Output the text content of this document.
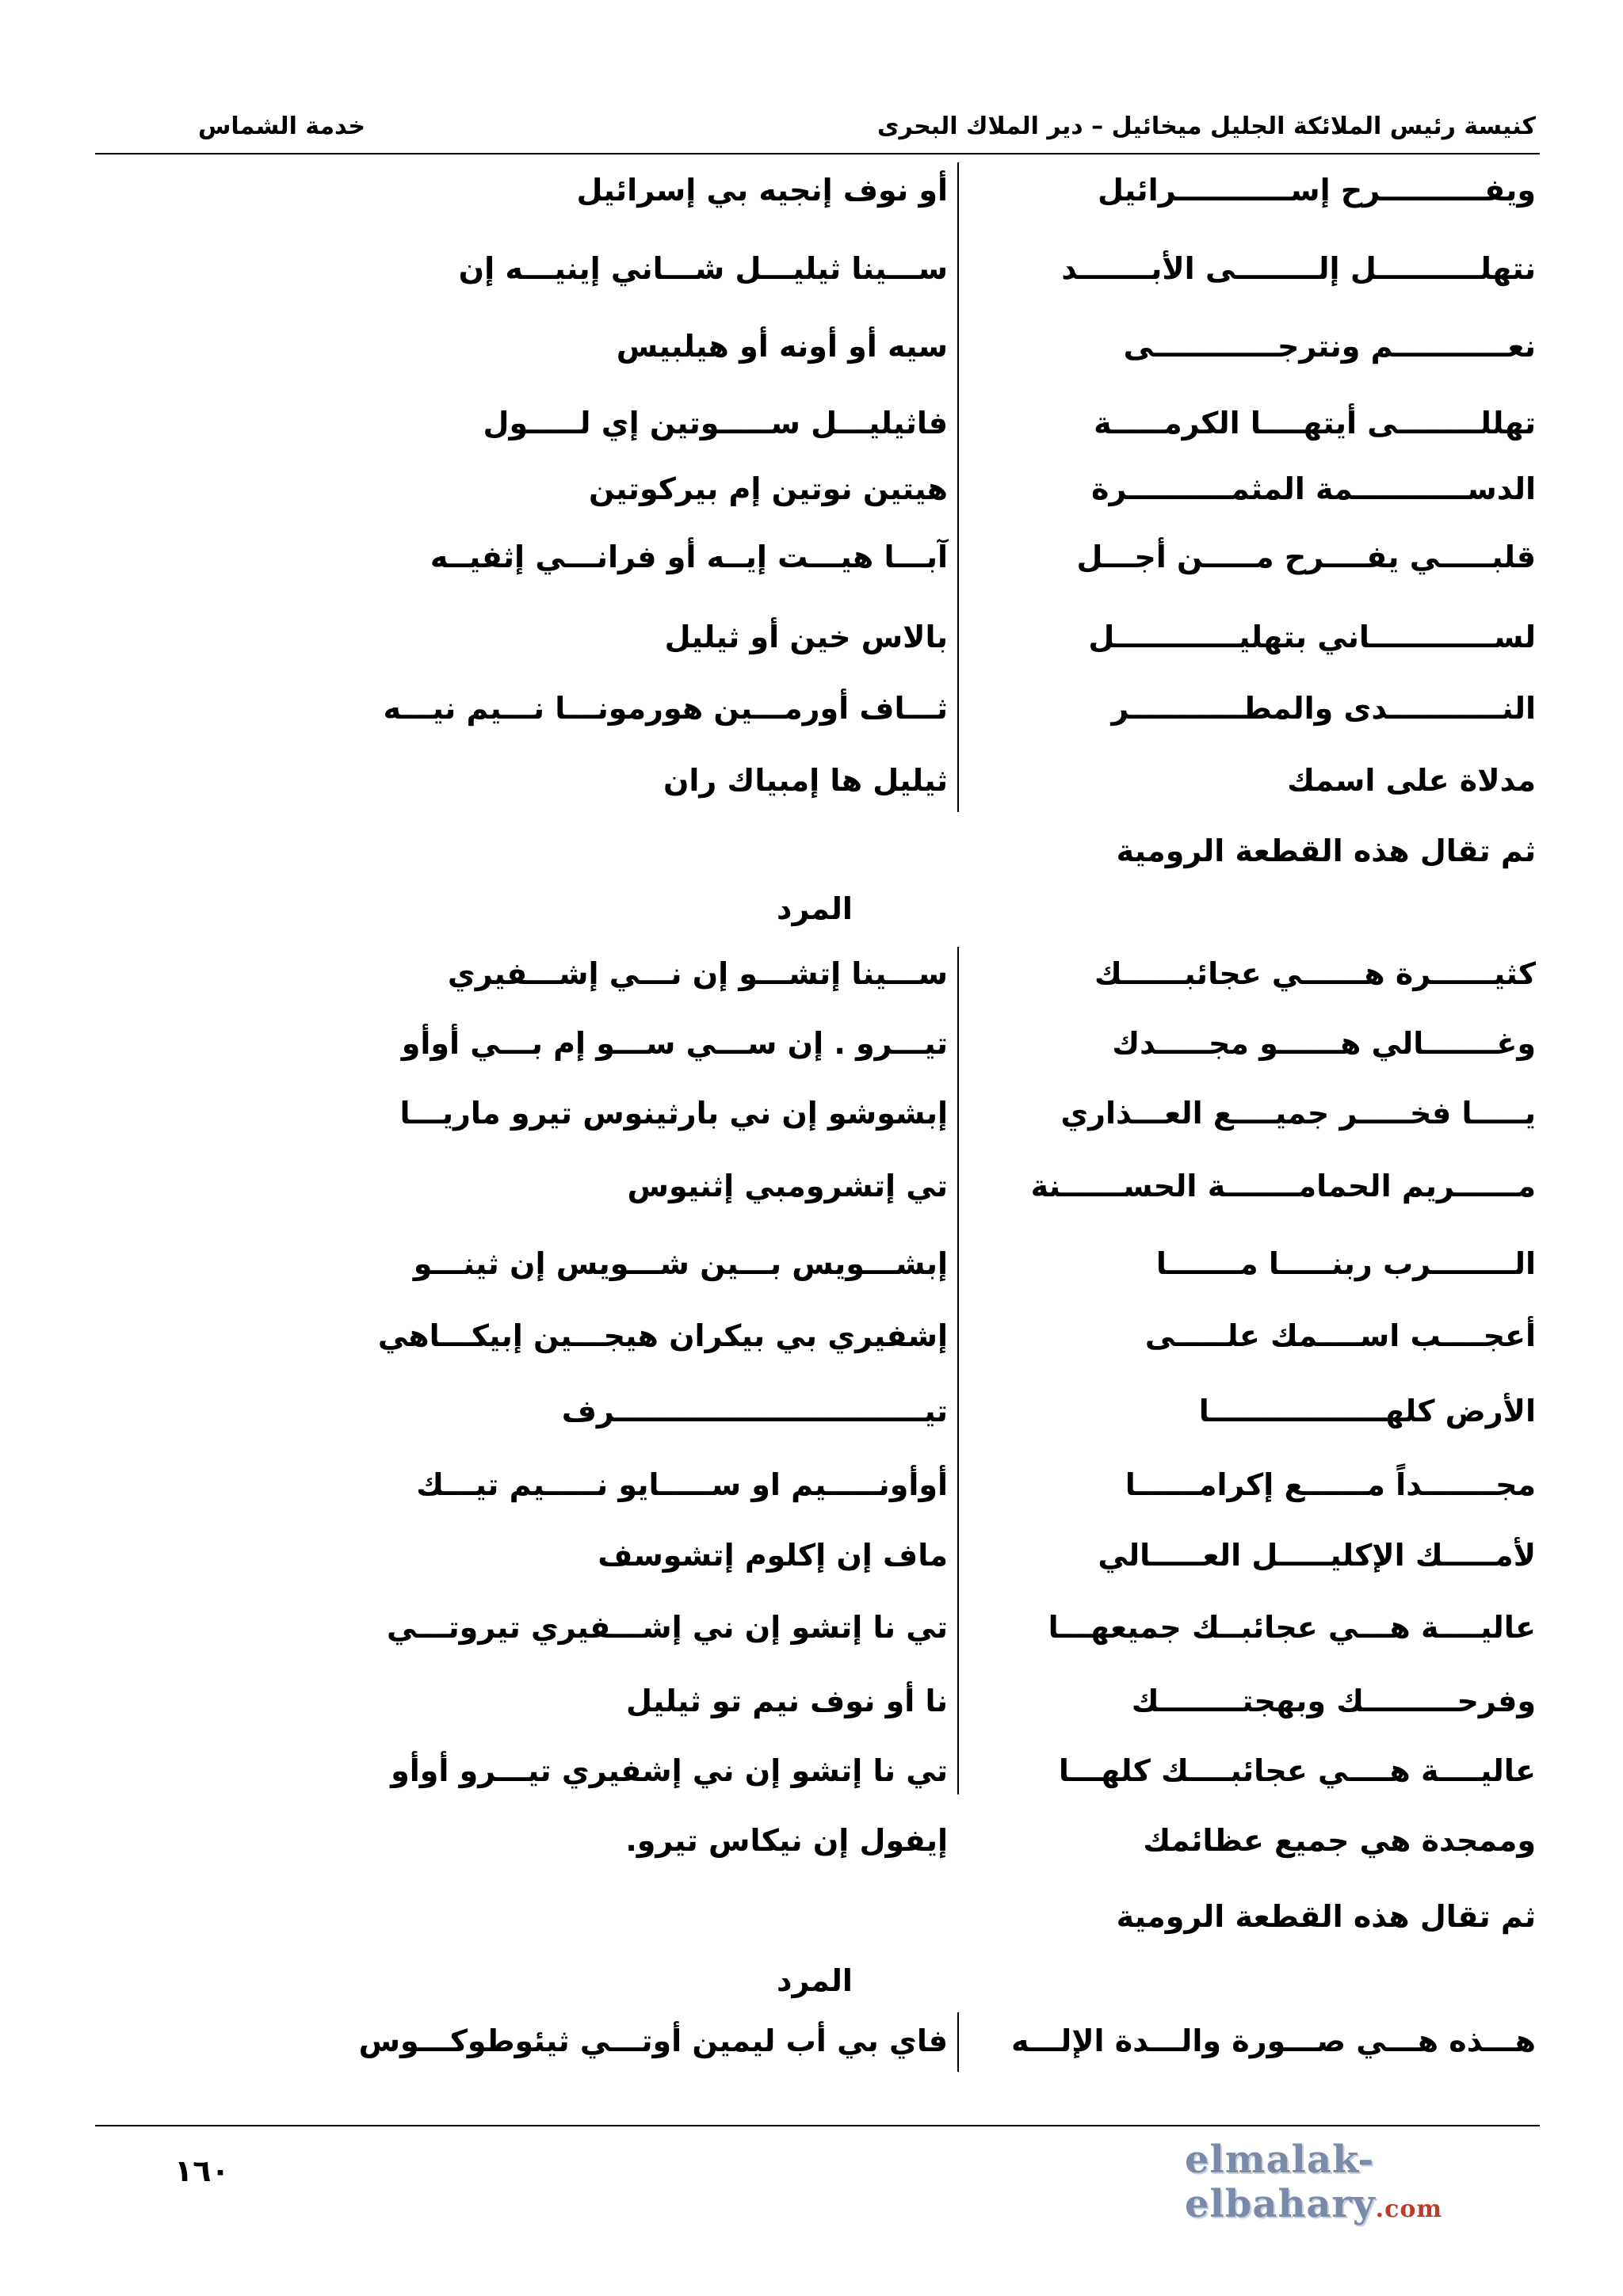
كنيسة رئيس الملائكة الجليل ميخائيل – دير الملاك البحرى
خدمة الشماس
ويفــــــــــرح إســـــــــــرائيل
أو نوف إنجيه بي إسرائيل
نتهلــــــــــل إلــــــــى الأبـــــــد
ســـينا ثيليـــل شـــاني إينيـــه إن
نعـــــــــــم ونترجــــــــــــى
سيه أو أونه أو هيلبيس
تهللــــــــى أيتهــــا الكرمـــــة
فاثيليـــل ســـــوتين إي لـــــول
الدســـــــــــمة المثمــــــــــرة
هيتين نوتين إم بيركوتين
قلبـــــي يفــــرح مـــــن أجـــل
آبـــا هيـــت إيــه أو فرانـــي إثفيــه
لســــــــــــاني بتهليــــــــــــل
بالاس خين أو ثيليل
النـــــــــــدى والمطـــــــــــر
ثـــاف أورمـــين هورمونـــا نـــيم نيـــه
مدلاة على اسمك
ثيليل ها إمبياك ران
ثم تقال هذه القطعة الرومية
المرد
كثيــــــرة هــــــي عجائبــــــك
ســـينا إتشـــو إن نـــي إشـــفيري
وغـــــــالي هــــــو مجـــــدك
تيـــرو . إن ســـي ســـو إم بـــي أوأو
يـــــا فخـــــر جميــــع العـــذاري
إبشوشو إن ني بارثينوس تيرو ماريـــا
مــــــريم الحمامـــــــة الحســــــنة
تي إتشرومبي إثنيوس
الــــــــرب ربنـــــا مـــــــا
إبشـــويس بـــين شـــويس إن ثينـــو
أعجــــب اســــمك علـــــى
إشفيري بي بيكران هيجـــين إبيكـــاهي
الأرض كلهـــــــــــــــــا
تيــــــــــــــــــــــــــــــرف
مجـــــــداً مــــــع إكرامــــــا
أوأونـــــيم او ســـــايو نـــــيم تيـــك
لأمـــــك الإكليـــــل العـــــالي
ماف إن إكلوم إتشوسف
عاليــــة هـــي عجائبــك جميعهـــا
تي نا إتشو إن ني إشـــفيري تيروتـــي
وفرحـــــــــك وبهجتــــــــك
نا أو نوف نيم تو ثيليل
عاليــــة هــــي عجائبــــك كلهـــا
تي نا إتشو إن ني إشفيري تيـــرو أوأو
وممجدة هي جميع عظائمك
إيفول إن نيكاس تيرو.
ثم تقال هذه القطعة الرومية
المرد
هـــذه هـــي صـــورة والـــدة الإلـــه
فاي بي أب ليمين أوتـــي ثيئوطوكـــوس
١٦٠	elmalak-elbahary.com
